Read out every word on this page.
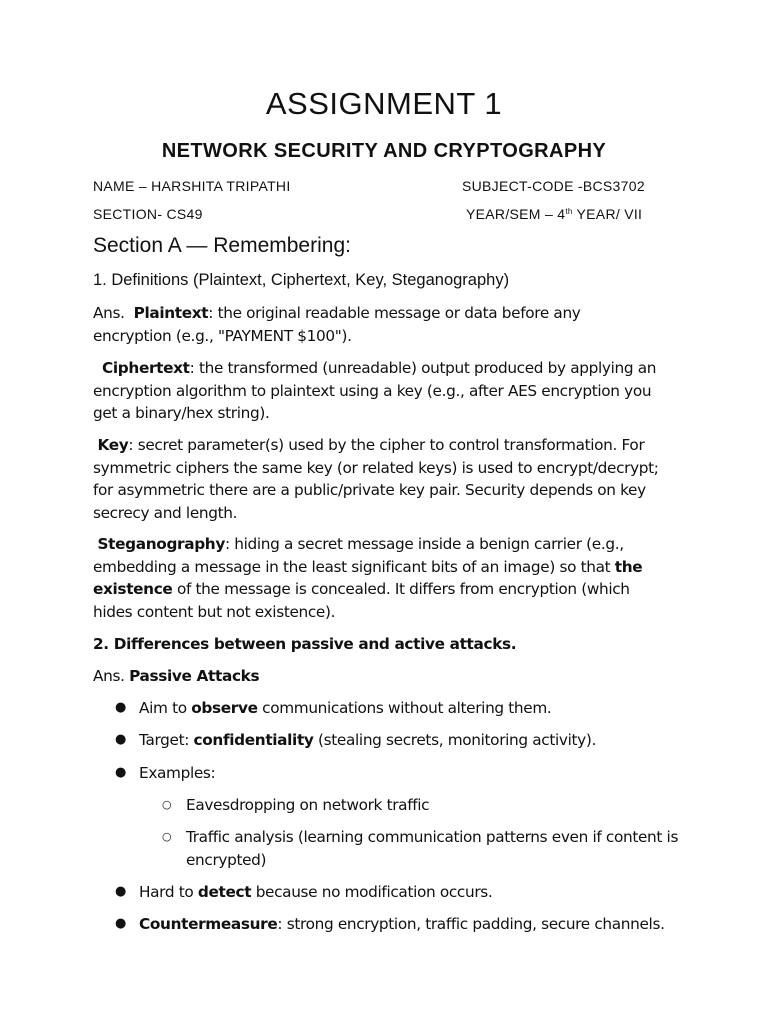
ASSIGNMENT 1
NETWORK SECURITY AND CRYPTOGRAPHY
NAME – HARSHITA TRIPATHI	SUBJECT-CODE -BCS3702
SECTION- CS49	YEAR/SEM – 4th YEAR/ VII
Section A — Remembering:
1. Definitions (Plaintext, Ciphertext, Key, Steganography)

Ans. Plaintext: the original readable message or data before any encryption (e.g., "PAYMENT $100").

Ciphertext: the transformed (unreadable) output produced by applying an encryption algorithm to plaintext using a key (e.g., after AES encryption you get a binary/hex string).

Key: secret parameter(s) used by the cipher to control transformation. For symmetric ciphers the same key (or related keys) is used to encrypt/decrypt; for asymmetric there are a public/private key pair. Security depends on key secrecy and length.

Steganography: hiding a secret message inside a benign carrier (e.g., embedding a message in the least significant bits of an image) so that the existence of the message is concealed. It differs from encryption (which hides content but not existence).

2. Differences between passive and active attacks.

Ans. Passive Attacks

● Aim to observe communications without altering them.
● Target: confidentiality (stealing secrets, monitoring activity).
● Examples:
○ Eavesdropping on network traffic
○ Traffic analysis (learning communication patterns even if content is encrypted)
● Hard to detect because no modification occurs.
● Countermeasure: strong encryption, traffic padding, secure channels.
